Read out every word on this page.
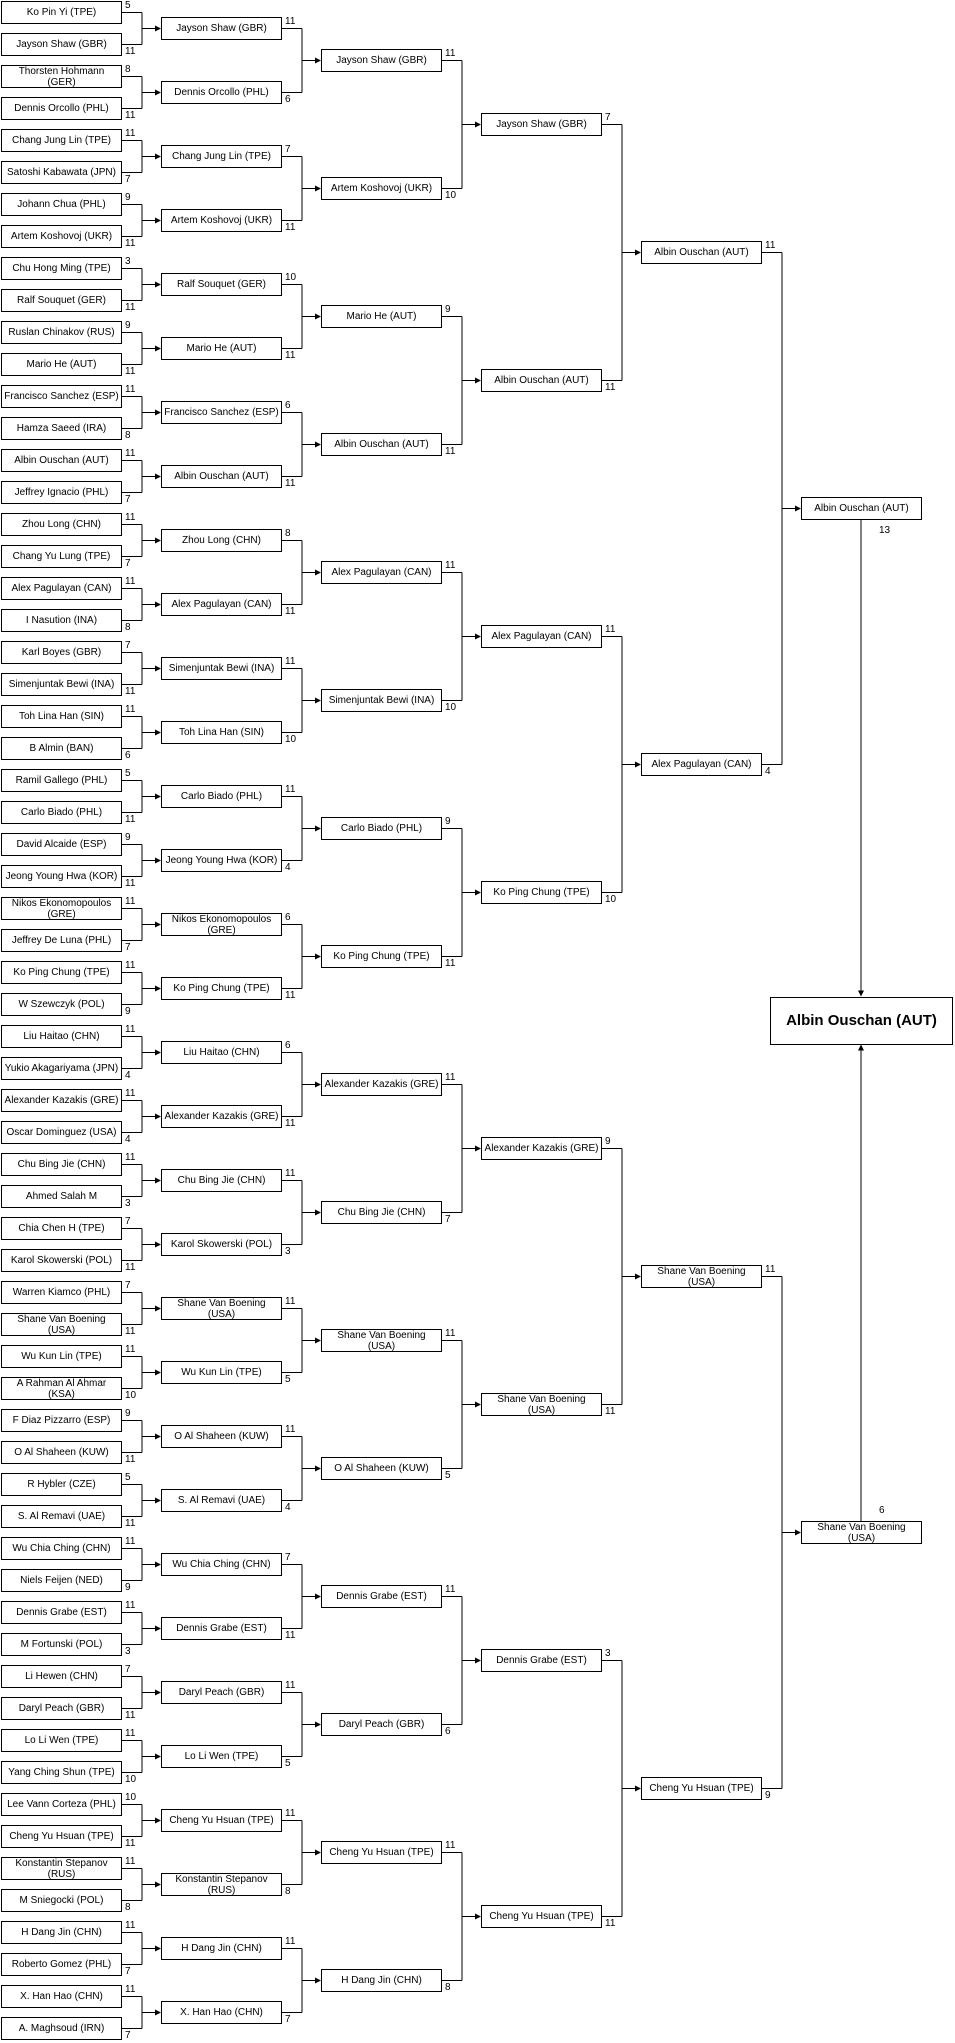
Ko Pin Yi (TPE)
5
Jayson Shaw (GBR)
11
Thorsten Hohmann (GER)
8
Dennis Orcollo (PHL)
11
Chang Jung Lin (TPE)
11
Satoshi Kabawata (JPN)
7
Johann Chua (PHL)
9
Artem Koshovoj (UKR)
11
Chu Hong Ming (TPE)
3
Ralf Souquet (GER)
11
Ruslan Chinakov (RUS)
9
Mario He (AUT)
11
Francisco Sanchez (ESP)
11
Hamza Saeed (IRA)
8
Albin Ouschan (AUT)
11
Jeffrey Ignacio (PHL)
7
Zhou Long (CHN)
11
Chang Yu Lung (TPE)
7
Alex Pagulayan (CAN)
11
I Nasution (INA)
8
Karl Boyes (GBR)
7
Simenjuntak Bewi (INA)
11
Toh Lina Han (SIN)
11
B Almin (BAN)
6
Ramil Gallego (PHL)
5
Carlo Biado (PHL)
11
David Alcaide (ESP)
9
Jeong Young Hwa (KOR)
11
Nikos Ekonomopoulos (GRE)
11
Jeffrey De Luna (PHL)
7
Ko Ping Chung (TPE)
11
W Szewczyk (POL)
9
Liu Haitao (CHN)
11
Yukio Akagariyama (JPN)
4
Alexander Kazakis (GRE)
11
Oscar Dominguez (USA)
4
Chu Bing Jie (CHN)
11
Ahmed Salah M
3
Chia Chen H (TPE)
7
Karol Skowerski (POL)
11
Warren Kiamco (PHL)
7
Shane Van Boening (USA)	11
Wu Kun Lin (TPE)
11
A Rahman Al Ahmar (KSA)	10
F Diaz Pizzarro (ESP)
9
O Al Shaheen (KUW)
11
R Hybler (CZE)
5
S. Al Remavi (UAE)
11
Wu Chia Ching (CHN)
11
Niels Feijen (NED)
9
Dennis Grabe (EST)
11
M Fortunski (POL)
3
Li Hewen (CHN)
7
Daryl Peach (GBR)
11
Lo Li Wen (TPE)
11
Yang Ching Shun (TPE)
10
Lee Vann Corteza (PHL)
10
Cheng Yu Hsuan (TPE)
11
Konstantin Stepanov (RUS)
11
M Sniegocki (POL)
8
H Dang Jin (CHN)
11
Roberto Gomez (PHL)
7
X. Han Hao (CHN)
11
A. Maghsoud (IRN)
7
Jayson Shaw (GBR)
11
Dennis Orcollo (PHL)
6
Chang Jung Lin (TPE)
7
Artem Koshovoj (UKR)
11
Ralf Souquet (GER)
10
Mario He (AUT)
11
Francisco Sanchez (ESP)
6
Albin Ouschan (AUT)
11
Zhou Long (CHN)
8
Alex Pagulayan (CAN)
11
Simenjuntak Bewi (INA)
11
Toh Lina Han (SIN)
10
Carlo Biado (PHL)
11
Jeong Young Hwa (KOR)
4
Nikos Ekonomopoulos (GRE)
6
Ko Ping Chung (TPE)
11
Liu Haitao (CHN)
6
Alexander Kazakis (GRE)
11
Chu Bing Jie (CHN)
11
Karol Skowerski (POL)
3
Shane Van Boening (USA)
11
Wu Kun Lin (TPE)
5
O Al Shaheen (KUW)
11
S. Al Remavi (UAE)
4
Wu Chia Ching (CHN)
7
Dennis Grabe (EST)
11
Daryl Peach (GBR)
11
Lo Li Wen (TPE)
5
Cheng Yu Hsuan (TPE)
11
Konstantin Stepanov (RUS)	8
H Dang Jin (CHN)
11
X. Han Hao (CHN)
7
Jayson Shaw (GBR)
11
Artem Koshovoj (UKR)
10
Mario He (AUT)
9
Albin Ouschan (AUT)
11
Alex Pagulayan (CAN)
11
Simenjuntak Bewi (INA)
10
Carlo Biado (PHL)
9
Ko Ping Chung (TPE)
11
Alexander Kazakis (GRE)
11
Chu Bing Jie (CHN)
7
Shane Van Boening (USA)
11
O Al Shaheen (KUW)
5
Dennis Grabe (EST)
11
Daryl Peach (GBR)
6
Cheng Yu Hsuan (TPE)
11
H Dang Jin (CHN)
8
Jayson Shaw (GBR)
7
Albin Ouschan (AUT)
11
Alex Pagulayan (CAN)
11
Ko Ping Chung (TPE)
10
Alexander Kazakis (GRE)
9
Shane Van Boening (USA)	11
Dennis Grabe (EST)
3
Cheng Yu Hsuan (TPE)
11
Albin Ouschan (AUT)
11
Alex Pagulayan (CAN)
4
Shane Van Boening (USA)
11
Cheng Yu Hsuan (TPE)
9
Albin Ouschan (AUT)
13
Shane Van Boening (USA)
6
Albin Ouschan (AUT)
